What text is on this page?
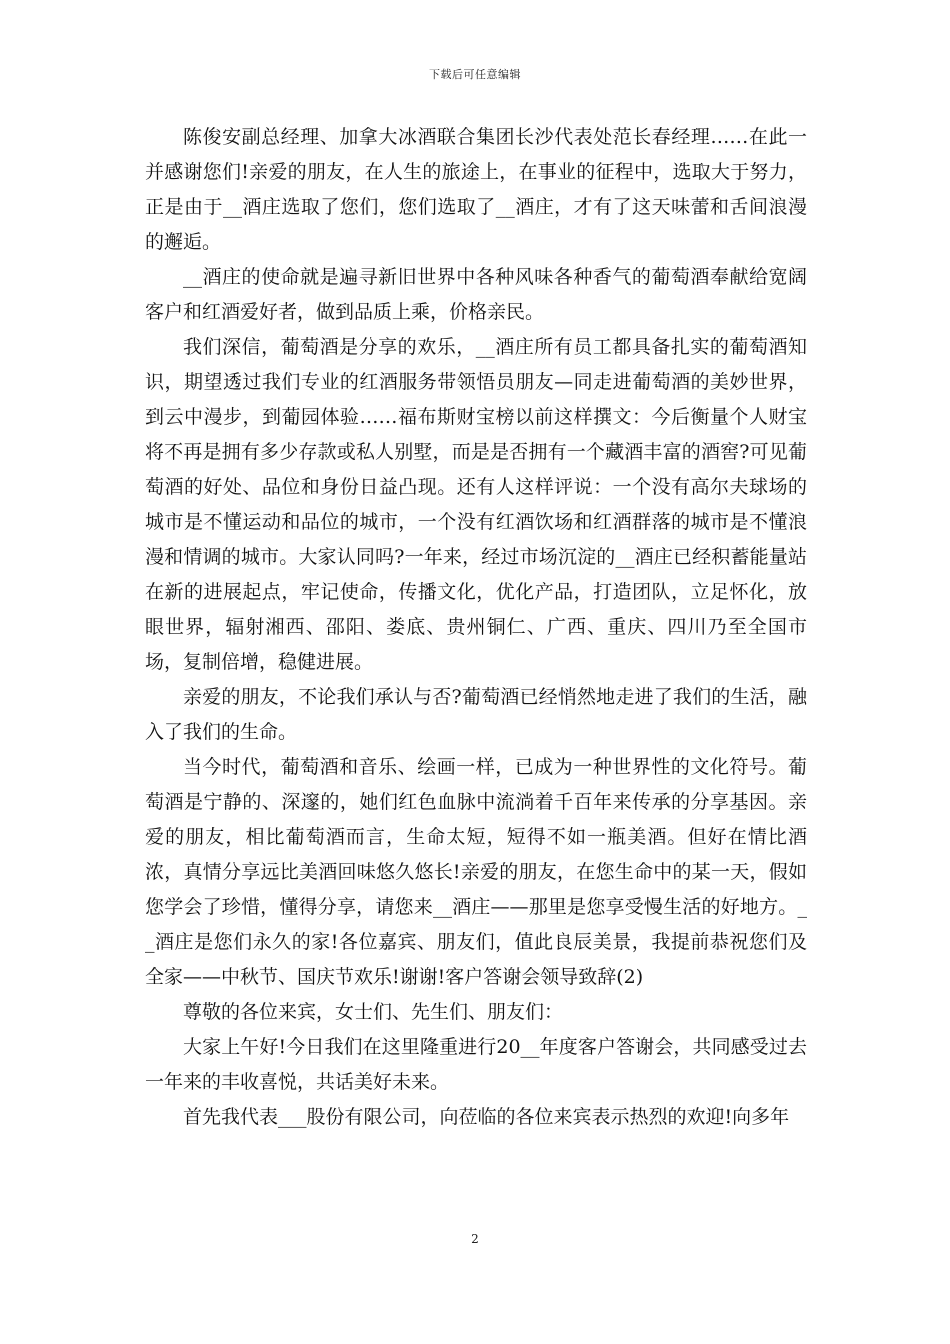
下载后可任意编辑

陈俊安副总经理、加拿大冰酒联合集团长沙代表处范长春经理……在此一并感谢您们!亲爱的朋友，在人生的旅途上，在事业的征程中，选取大于努力，正是由于__酒庄选取了您们，您们选取了__酒庄，才有了这天味蕾和舌间浪漫的邂逅。

__酒庄的使命就是遍寻新旧世界中各种风味各种香气的葡萄酒奉献给宽阔客户和红酒爱好者，做到品质上乘，价格亲民。

我们深信，葡萄酒是分享的欢乐，__酒庄所有员工都具备扎实的葡萄酒知识，期望透过我们专业的红酒服务带领悟员朋友—同走进葡萄酒的美妙世界，到云中漫步，到葡园体验……福布斯财宝榜以前这样撰文：今后衡量个人财宝将不再是拥有多少存款或私人别墅，而是是否拥有一个藏酒丰富的酒窖?可见葡萄酒的好处、品位和身份日益凸现。还有人这样评说：一个没有高尔夫球场的城市是不懂运动和品位的城市，一个没有红酒饮场和红酒群落的城市是不懂浪漫和情调的城市。大家认同吗?一年来，经过市场沉淀的__酒庄已经积蓄能量站在新的进展起点，牢记使命，传播文化，优化产品，打造团队，立足怀化，放眼世界，辐射湘西、邵阳、娄底、贵州铜仁、广西、重庆、四川乃至全国市场，复制倍增，稳健进展。

亲爱的朋友，不论我们承认与否?葡萄酒已经悄然地走进了我们的生活，融入了我们的生命。

当今时代，葡萄酒和音乐、绘画一样，已成为一种世界性的文化符号。葡萄酒是宁静的、深邃的，她们红色血脉中流淌着千百年来传承的分享基因。亲爱的朋友，相比葡萄酒而言，生命太短，短得不如一瓶美酒。但好在情比酒浓，真情分享远比美酒回味悠久悠长!亲爱的朋友，在您生命中的某一天，假如您学会了珍惜，懂得分享，请您来__酒庄——那里是您享受慢生活的好地方。__酒庄是您们永久的家!各位嘉宾、朋友们，值此良辰美景，我提前恭祝您们及全家——中秋节、国庆节欢乐!谢谢!客户答谢会领导致辞(2)

尊敬的各位来宾，女士们、先生们、朋友们：

大家上午好!今日我们在这里隆重进行20__年度客户答谢会，共同感受过去一年来的丰收喜悦，共话美好未来。

首先我代表___股份有限公司，向莅临的各位来宾表示热烈的欢迎!向多年

2
